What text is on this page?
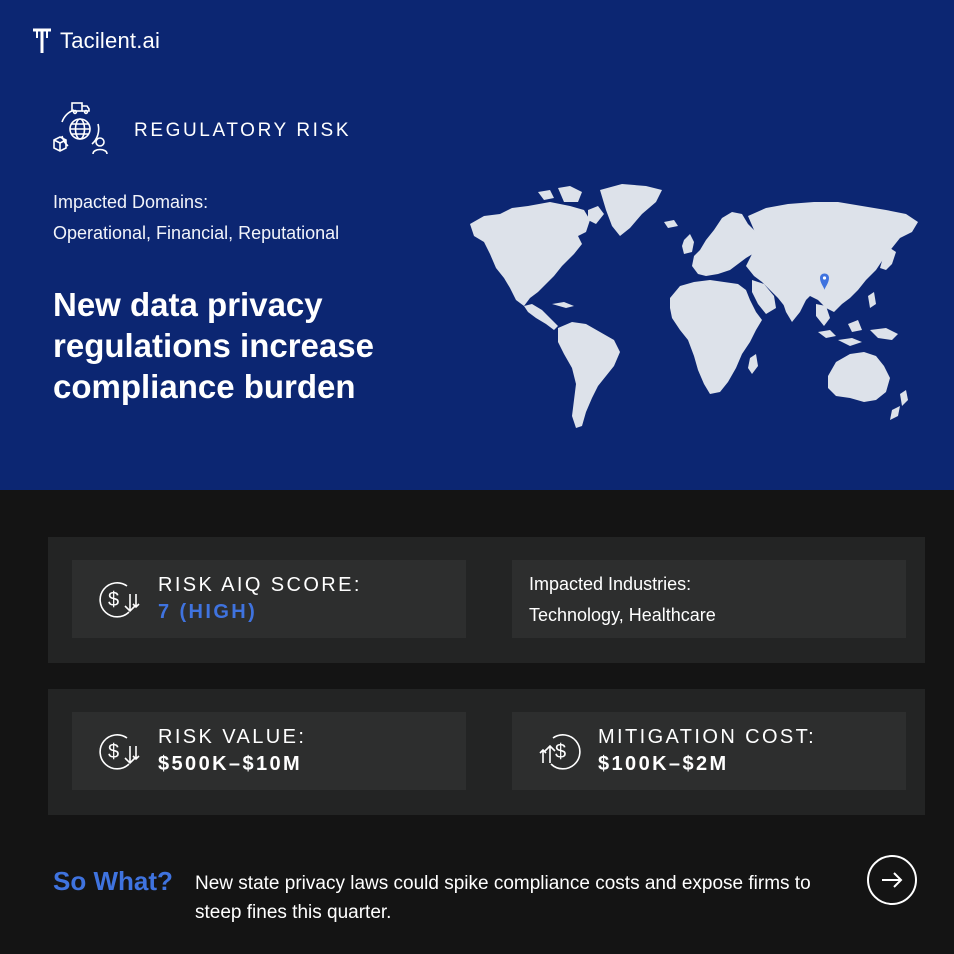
Tacilent.ai
REGULATORY RISK
Impacted Domains:
Operational, Financial, Reputational
New data privacy regulations increase compliance burden
$
RISK AIQ SCORE:
7 (HIGH)
Impacted Industries:
Technology, Healthcare
$
RISK VALUE:
$500K–$10M
$
MITIGATION COST:
$100K–$2M
So What? New state privacy laws could spike compliance costs and expose firms to steep fines this quarter.
